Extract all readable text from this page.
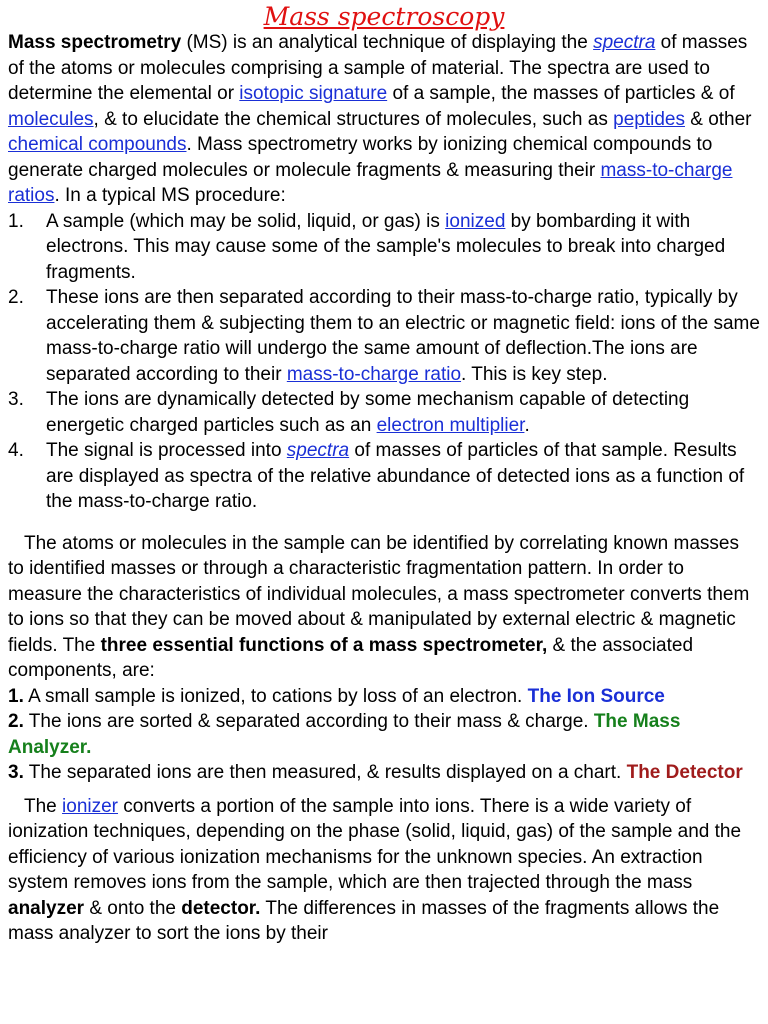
Mass spectroscopy

Mass spectrometry (MS) is an analytical technique of displaying the spectra of masses of the atoms or molecules comprising a sample of material. The spectra are used to determine the elemental or isotopic signature of a sample, the masses of particles & of molecules, & to elucidate the chemical structures of molecules, such as peptides & other chemical compounds. Mass spectrometry works by ionizing chemical compounds to generate charged molecules or molecule fragments & measuring their mass-to-charge ratios. In a typical MS procedure:

1. A sample (which may be solid, liquid, or gas) is ionized by bombarding it with electrons. This may cause some of the sample's molecules to break into charged fragments.
2. These ions are then separated according to their mass-to-charge ratio, typically by accelerating them & subjecting them to an electric or magnetic field: ions of the same mass-to-charge ratio will undergo the same amount of deflection.The ions are separated according to their mass-to-charge ratio. This is key step.
3. The ions are dynamically detected by some mechanism capable of detecting energetic charged particles such as an electron multiplier.
4. The signal is processed into spectra of masses of particles of that sample. Results are displayed as spectra of the relative abundance of detected ions as a function of the mass-to-charge ratio.

The atoms or molecules in the sample can be identified by correlating known masses to identified masses or through a characteristic fragmentation pattern. In order to measure the characteristics of individual molecules, a mass spectrometer converts them to ions so that they can be moved about & manipulated by external electric & magnetic fields. The three essential functions of a mass spectrometer, & the associated components, are:

1. A small sample is ionized, to cations by loss of an electron. The Ion Source

2. The ions are sorted & separated according to their mass & charge. The Mass Analyzer.

3. The separated ions are then measured, & results displayed on a chart. The Detector

The ionizer converts a portion of the sample into ions. There is a wide variety of ionization techniques, depending on the phase (solid, liquid, gas) of the sample and the efficiency of various ionization mechanisms for the unknown species. An extraction system removes ions from the sample, which are then trajected through the mass analyzer & onto the detector. The differences in masses of the fragments allows the mass analyzer to sort the ions by their
